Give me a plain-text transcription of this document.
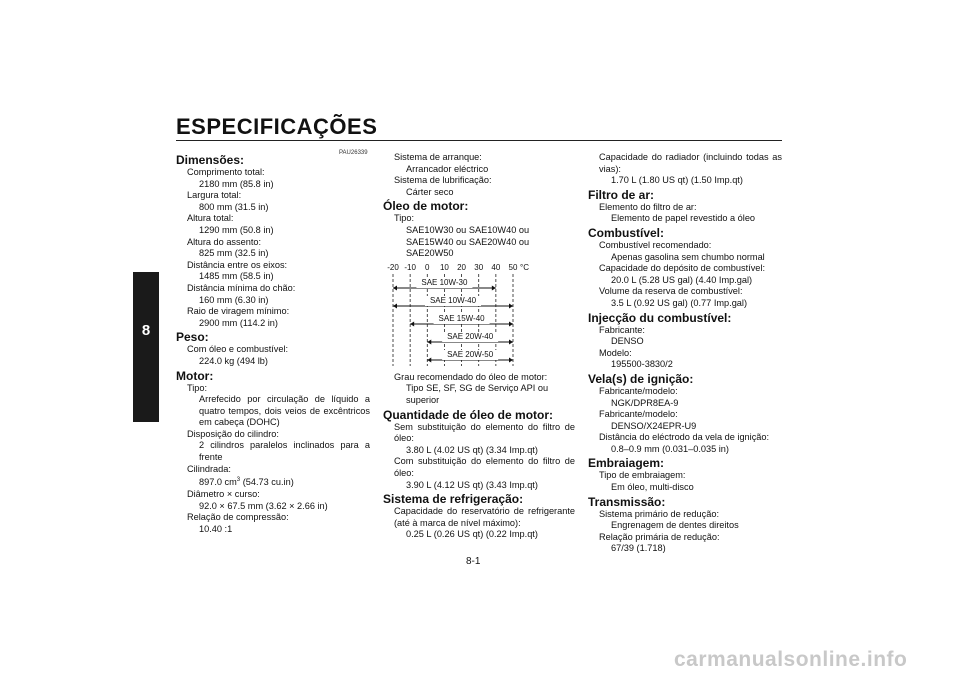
ESPECIFICAÇÕES
8
PAU26339
Dimensões:
Comprimento total:
2180 mm (85.8 in)
Largura total:
800 mm (31.5 in)
Altura total:
1290 mm (50.8 in)
Altura do assento:
825 mm (32.5 in)
Distância entre os eixos:
1485 mm (58.5 in)
Distância mínima do chão:
160 mm (6.30 in)
Raio de viragem mínimo:
2900 mm (114.2 in)
Peso:
Com óleo e combustível:
224.0 kg (494 lb)
Motor:
Tipo:
Arrefecido por circulação de líquido a quatro tempos, dois veios de excêntricos em cabeça (DOHC)
Disposição do cilindro:
2 cilindros paralelos inclinados para a frente
Cilindrada:
897.0 $cm^3$ (54.73 cu.in)
Diâmetro × curso:
92.0 × 67.5 mm (3.62 × 2.66 in)
Relação de compressão:
10.40 :1
Sistema de arranque:
Arrancador eléctrico
Sistema de lubrificação:
Cárter seco
Óleo de motor:
Tipo:
SAE10W30 ou SAE10W40 ou SAE15W40 ou SAE20W40 ou SAE20W50
-20 -10 0 10 20 30 40 50 °C
SAE 10W-30
SAE 10W-40
SAE 15W-40
SAE 20W-40
SAE 20W-50
Grau recomendado do óleo de motor:
Tipo SE, SF, SG de Serviço API ou superior
Quantidade de óleo de motor:
Sem substituição do elemento do filtro de óleo:
3.80 L (4.02 US qt) (3.34 Imp.qt)
Com substituição do elemento do filtro de óleo:
3.90 L (4.12 US qt) (3.43 Imp.qt)
Sistema de refrigeração:
Capacidade do reservatório de refrigerante (até à marca de nível máximo):
0.25 L (0.26 US qt) (0.22 Imp.qt)
Capacidade do radiador (incluindo todas as vias):
1.70 L (1.80 US qt) (1.50 Imp.qt)
Filtro de ar:
Elemento do filtro de ar:
Elemento de papel revestido a óleo
Combustível:
Combustível recomendado:
Apenas gasolina sem chumbo normal
Capacidade do depósito de combustível:
20.0 L (5.28 US gal) (4.40 Imp.gal)
Volume da reserva de combustível:
3.5 L (0.92 US gal) (0.77 Imp.gal)
Injecção du combustível:
Fabricante:
DENSO
Modelo:
195500-3830/2
Vela(s) de ignição:
Fabricante/modelo:
NGK/DPR8EA-9
Fabricante/modelo:
DENSO/X24EPR-U9
Distância do eléctrodo da vela de ignição:
0.8–0.9 mm (0.031–0.035 in)
Embraiagem:
Tipo de embraiagem:
Em óleo, multi-disco
Transmissão:
Sistema primário de redução:
Engrenagem de dentes direitos
Relação primária de redução:
67/39 (1.718)
8-1
carmanualsonline.info
